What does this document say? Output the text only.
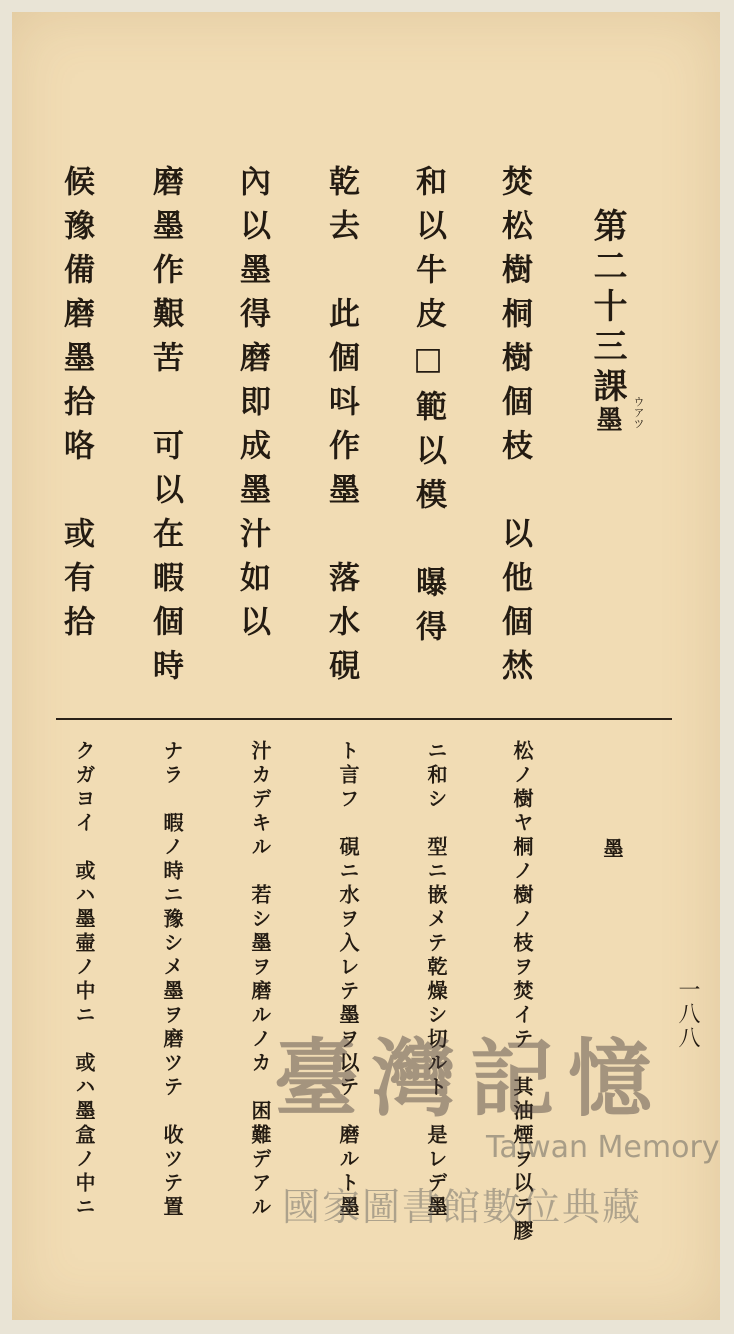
第二十三課
墨 ウアツ
焚松樹桐樹個枝　以他個㷊
和以牛皮□範以模　曝得
乾去　此個呌作墨　落水硯
內以墨得磨即成墨汁如以
磨墨作艱苦　可以在暇個時
候豫備磨墨拾咯　或有拾
墨
一八八
松ノ樹ヤ桐ノ樹ノ枝ヲ焚イテ　其油煙ヲ以テ膠
ニ和シ　型ニ嵌メテ乾燥シ切ルト　是レデ墨
ト言フ　硯ニ水ヲ入レテ墨ヲ以テ　磨ルト墨
汁カデキル　若シ墨ヲ磨ルノカ　困難デアル
ナラ　暇ノ時ニ豫シメ墨ヲ磨ツテ　收ツテ置
クガヨイ　或ハ墨壷ノ中ニ　或ハ墨盒ノ中ニ 臺灣記憶
Taiwan Memory
國家圖書館數位典藏
